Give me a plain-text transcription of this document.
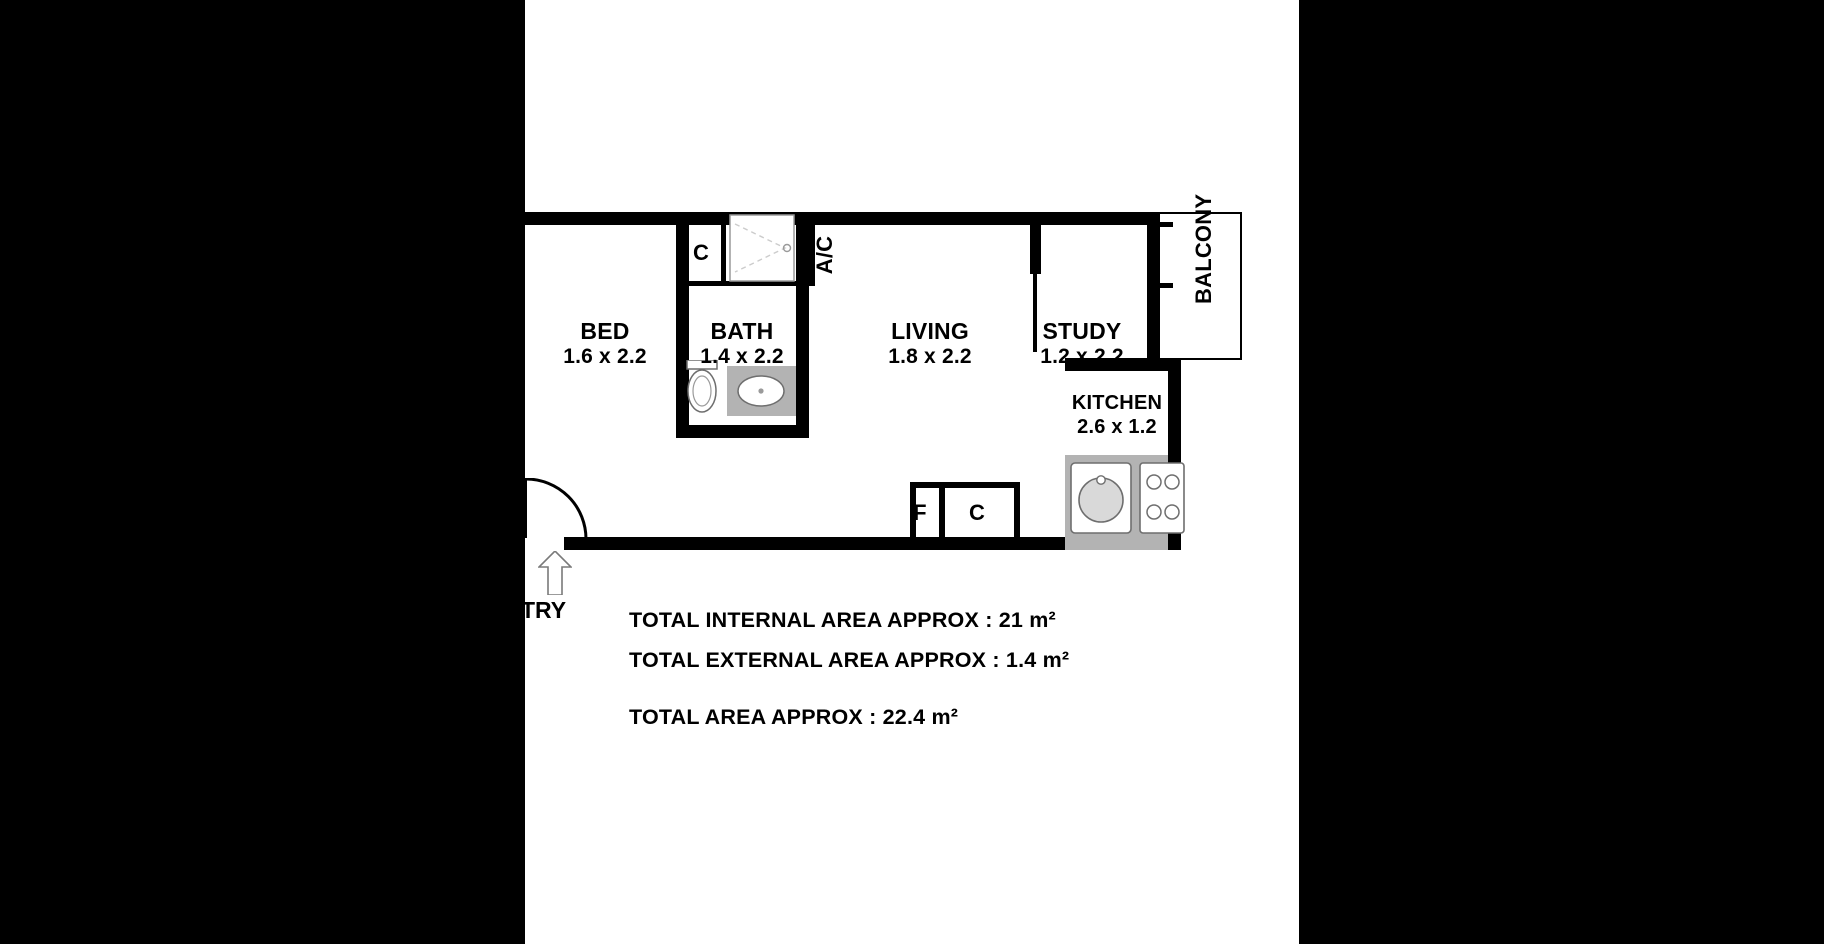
BALCONY
KITCHEN
2.6 x 1.2
F	C
C	A/C
BED
1.6 x 2.2
BATH
1.4 x 2.2
LIVING
1.8 x 2.2
STUDY
1.2 x 2.2
ENTRY	TOTAL INTERNAL AREA APPROX : 21 m²
TOTAL EXTERNAL AREA APPROX : 1.4 m²
TOTAL AREA APPROX : 22.4 m²
